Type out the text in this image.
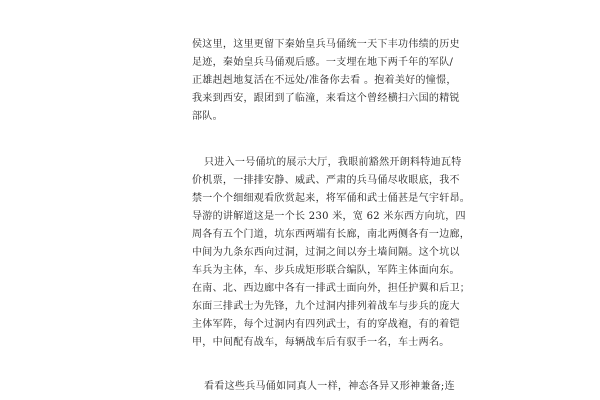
侯这里，这里更留下秦始皇兵马俑统一天下丰功伟绩的历史
足迹，秦始皇兵马俑观后感。一支埋在地下两千年的军队/
正雄赳赳地复活在不远处/准备你去看 。抱着美好的憧憬，
我来到西安，跟团到了临潼，来看这个曾经横扫六国的精锐
部队。

只进入一号俑坑的展示大厅，我眼前豁然开朗料特迪瓦特
价机票，一排排安静、威武、严肃的兵马俑尽收眼底，我不
禁一个个细细观看欣赏起来，将军俑和武士俑甚是气宇轩昂。
导游的讲解道这是一个长 230 米，宽 62 米东西方向坑，四
周各有五个门道，坑东西两端有长廊，南北两侧各有一边廊，
中间为九条东西向过洞，过洞之间以夯土墙间隔。这个坑以
车兵为主体，车、步兵成矩形联合编队，军阵主体面向东。
在南、北、西边廊中各有一排武士面向外，担任护翼和后卫；
东面三排武士为先锋，九个过洞内排列着战车与步兵的庞大
主体军阵，每个过洞内有四列武士，有的穿战袍，有的着铠
甲，中间配有战车，每辆战车后有驭手一名，车士两名。

看看这些兵马俑如同真人一样，神态各异又形神兼备;连
